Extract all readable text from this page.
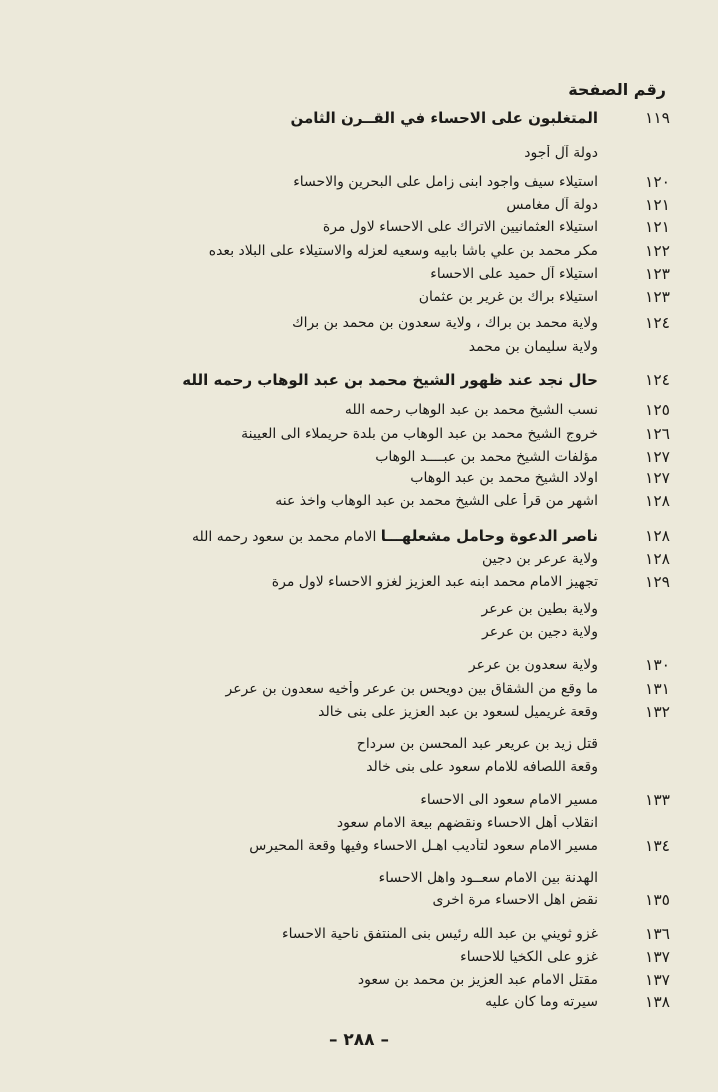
رقم الصفحة
١١٩
المتغلبون على الاحساء في القــرن الثامن
دولة آل أجود
١٢٠
استيلاء سيف واجود ابنى زامل على البحرين والاحساء
١٢١
دولة آل مغامس
١٢١
استيلاء العثمانيين الاتراك على الاحساء لاول مرة
١٢٢
مكر محمد بن علي باشا بابيه وسعيه لعزله والاستيلاء على البلاد بعده
١٢٣
استيلاء آل حميد على الاحساء
١٢٣
استيلاء براك بن غرير بن عثمان
١٢٤
ولاية محمد بن براك ، ولاية سعدون بن محمد بن براك
ولاية سليمان بن محمد
١٢٤
حال نجد عند ظهور الشيخ محمد بن عبد الوهاب رحمه الله
١٢٥
نسب الشيخ محمد بن عبد الوهاب رحمه الله
١٢٦
خروج الشيخ محمد بن عبد الوهاب من بلدة حريملاء الى العيينة
١٢٧
مؤلفات الشيخ محمد بن عبــــد الوهاب
١٢٧
اولاد الشيخ محمد بن عبد الوهاب
١٢٨
اشهر من قرأ على الشيخ محمد بن عبد الوهاب واخذ عنه
١٢٨
ناصر الدعوة وحامل مشعلهـــا الامام محمد بن سعود رحمه الله
١٢٨
ولاية عرعر بن دجين
١٢٩
تجهيز الامام محمد ابنه عبد العزيز لغزو الاحساء لاول مرة
ولاية بطين بن عرعر
ولاية دجين بن عرعر
١٣٠
ولاية سعدون بن عرعر
١٣١
ما وقع من الشقاق بين دويحس بن عرعر وأخيه سعدون بن عرعر
١٣٢
وقعة غريميل لسعود بن عبد العزيز على بنى خالد
قتل زيد بن عريعر عبد المحسن بن سرداح
وقعة اللصافه للامام سعود على بنى خالد
١٣٣
مسير الامام سعود الى الاحساء
انقلاب أهل الاحساء ونقضهم بيعة الامام سعود
١٣٤
مسير الامام سعود لتأديب اهـل الاحساء وفيها وقعة المحيرس
الهدنة بين الامام سعــود واهل الاحساء
١٣٥
نقض اهل الاحساء مرة اخرى
١٣٦
غزو ثويني بن عبد الله رئيس بنى المنتفق ناحية الاحساء
١٣٧
غزو على الكخيا للاحساء
١٣٧
مقتل الامام عبد العزيز بن محمد بن سعود
١٣٨
سيرته وما كان عليه
– ٢٨٨ –
